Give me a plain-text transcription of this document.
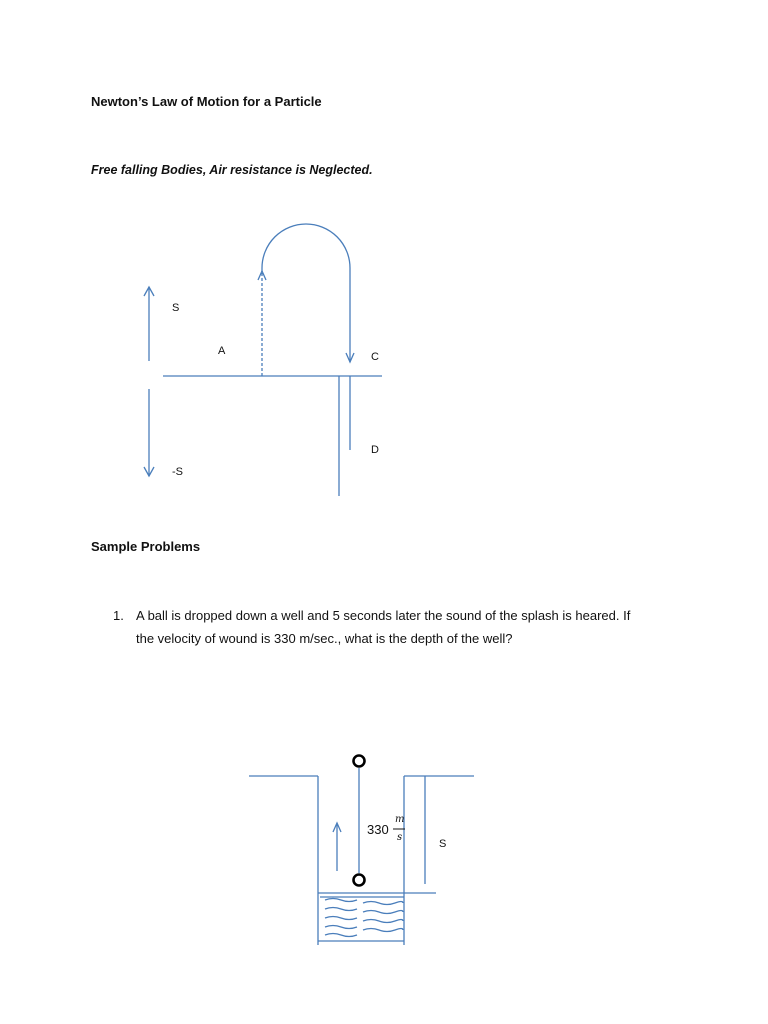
Newton’s Law of Motion for a Particle
Free falling Bodies, Air resistance is Neglected.
S
-S
A	C
D
Sample Problems
1. A ball is dropped down a well and 5 seconds later the sound of the splash is heared. If
the velocity of wound is 330 m/sec., what is the depth of the well?
330
m
s
S
